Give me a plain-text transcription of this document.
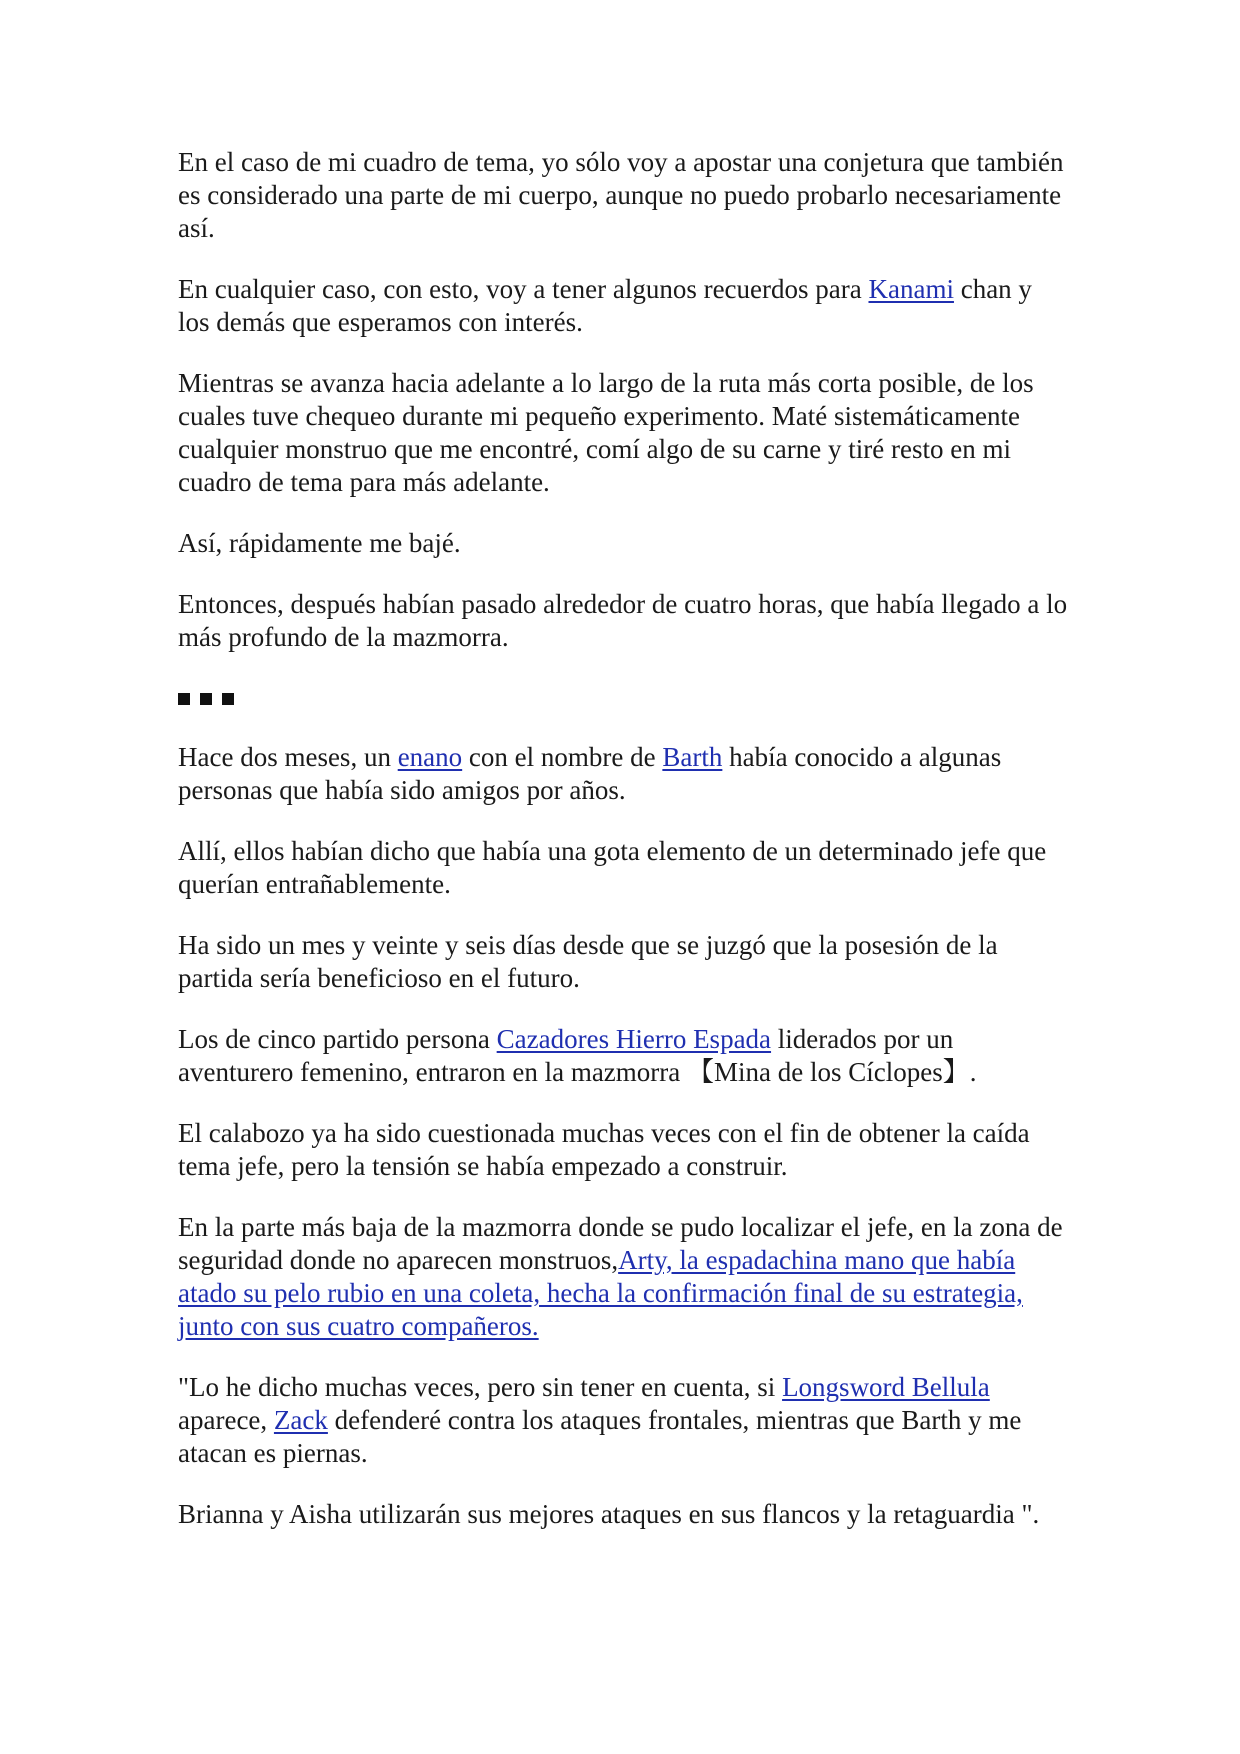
En el caso de mi cuadro de tema, yo sólo voy a apostar una conjetura que también es considerado una parte de mi cuerpo, aunque no puedo probarlo necesariamente así.

En cualquier caso, con esto, voy a tener algunos recuerdos para Kanami chan y los demás que esperamos con interés.

Mientras se avanza hacia adelante a lo largo de la ruta más corta posible, de los cuales tuve chequeo durante mi pequeño experimento. Maté sistemáticamente cualquier monstruo que me encontré, comí algo de su carne y tiré resto en mi cuadro de tema para más adelante.

Así, rápidamente me bajé.

Entonces, después habían pasado alrededor de cuatro horas, que había llegado a lo más profundo de la mazmorra.

Hace dos meses, un enano con el nombre de Barth había conocido a algunas personas que había sido amigos por años.

Allí, ellos habían dicho que había una gota elemento de un determinado jefe que querían entrañablemente.

Ha sido un mes y veinte y seis días desde que se juzgó que la posesión de la partida sería beneficioso en el futuro.

Los de cinco partido persona Cazadores Hierro Espada liderados por un aventurero femenino, entraron en la mazmorra 【Mina de los Cíclopes】.

El calabozo ya ha sido cuestionada muchas veces con el fin de obtener la caída tema jefe, pero la tensión se había empezado a construir.

En la parte más baja de la mazmorra donde se pudo localizar el jefe, en la zona de seguridad donde no aparecen monstruos,Arty, la espadachina mano que había atado su pelo rubio en una coleta, hecha la confirmación final de su estrategia, junto con sus cuatro compañeros.

"Lo he dicho muchas veces, pero sin tener en cuenta, si Longsword Bellula aparece, Zack defenderé contra los ataques frontales, mientras que Barth y me atacan es piernas.

Brianna y Aisha utilizarán sus mejores ataques en sus flancos y la retaguardia ".
